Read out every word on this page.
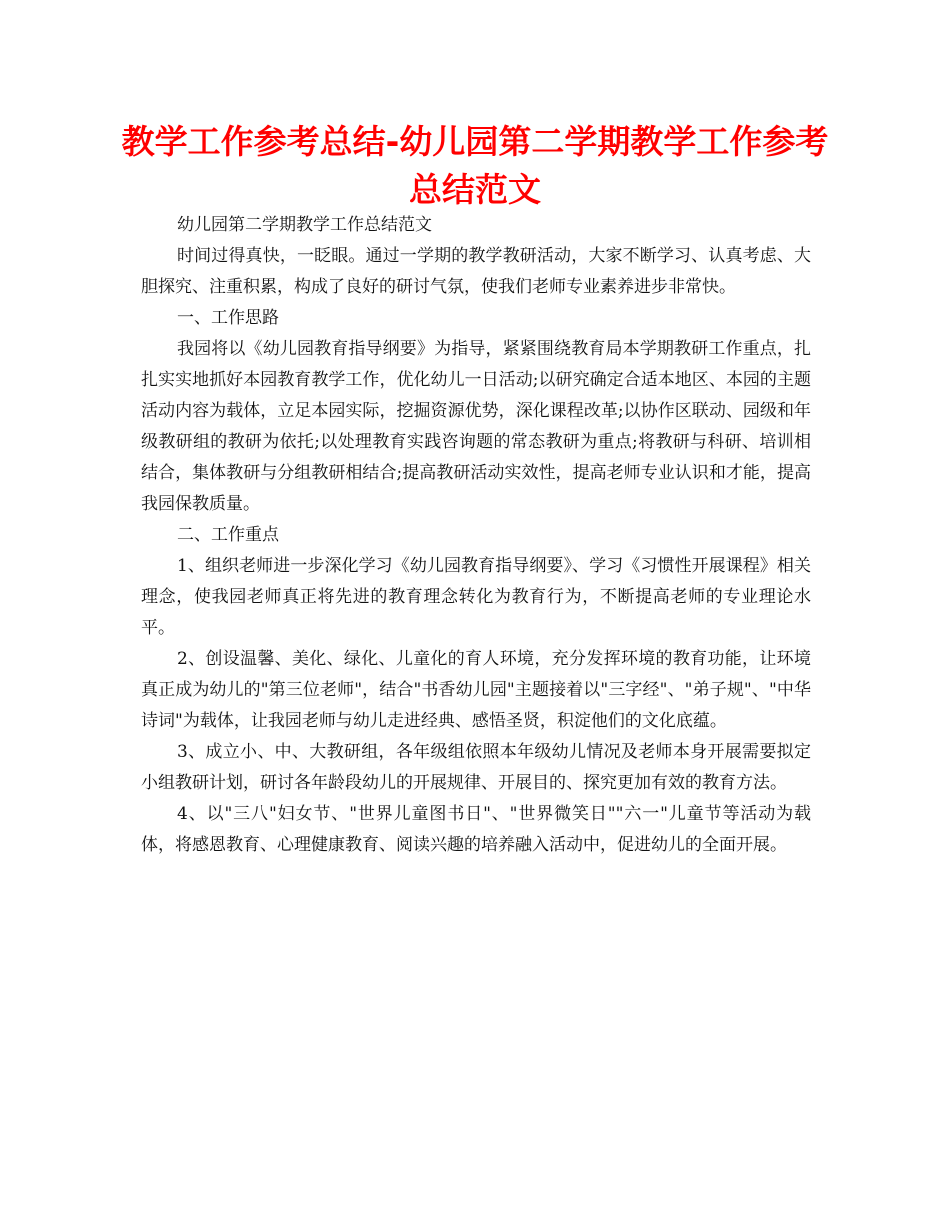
教学工作参考总结-幼儿园第二学期教学工作参考总结范文

幼儿园第二学期教学工作总结范文

时间过得真快，一眨眼。通过一学期的教学教研活动，大家不断学习、认真考虑、大胆探究、注重积累，构成了良好的研讨气氛，使我们老师专业素养进步非常快。

一、工作思路

我园将以《幼儿园教育指导纲要》为指导，紧紧围绕教育局本学期教研工作重点，扎扎实实地抓好本园教育教学工作，优化幼儿一日活动;以研究确定合适本地区、本园的主题活动内容为载体，立足本园实际，挖掘资源优势，深化课程改革;以协作区联动、园级和年级教研组的教研为依托;以处理教育实践咨询题的常态教研为重点;将教研与科研、培训相结合，集体教研与分组教研相结合;提高教研活动实效性，提高老师专业认识和才能，提高我园保教质量。

二、工作重点

1、组织老师进一步深化学习《幼儿园教育指导纲要》、学习《习惯性开展课程》相关理念，使我园老师真正将先进的教育理念转化为教育行为，不断提高老师的专业理论水平。

2、创设温馨、美化、绿化、儿童化的育人环境，充分发挥环境的教育功能，让环境真正成为幼儿的"第三位老师"，结合"书香幼儿园"主题接着以"三字经"、"弟子规"、"中华诗词"为载体，让我园老师与幼儿走进经典、感悟圣贤，积淀他们的文化底蕴。

3、成立小、中、大教研组，各年级组依照本年级幼儿情况及老师本身开展需要拟定小组教研计划，研讨各年龄段幼儿的开展规律、开展目的、探究更加有效的教育方法。

4、以"三八"妇女节、"世界儿童图书日"、"世界微笑日""六一"儿童节等活动为载体，将感恩教育、心理健康教育、阅读兴趣的培养融入活动中，促进幼儿的全面开展。
